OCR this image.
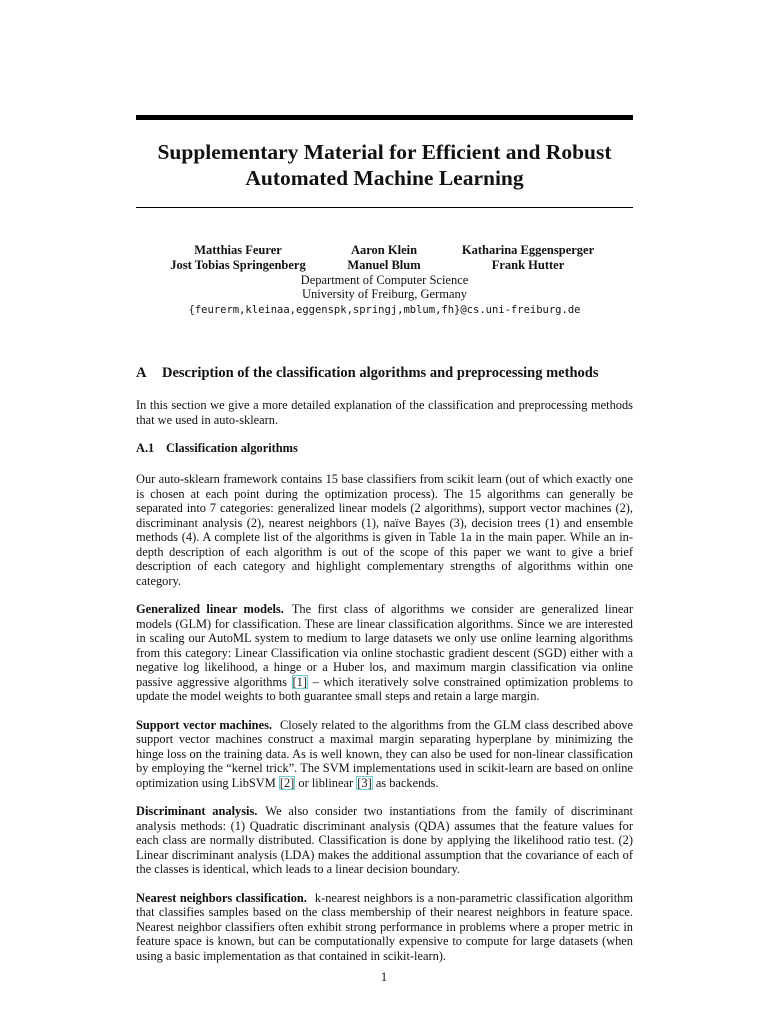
Supplementary Material for Efficient and Robust
Automated Machine Learning
Matthias Feurer	Aaron Klein	Katharina Eggensperger
Jost Tobias Springenberg	Manuel Blum	Frank Hutter
Department of Computer Science
University of Freiburg, Germany
{feurerm,kleinaa,eggenspk,springj,mblum,fh}@cs.uni-freiburg.de
A Description of the classification algorithms and preprocessing methods

In this section we give a more detailed explanation of the classification and preprocessing methods that we used in auto-sklearn.

A.1 Classification algorithms

Our auto-sklearn framework contains 15 base classifiers from scikit learn (out of which exactly one is chosen at each point during the optimization process). The 15 algorithms can generally be separated into 7 categories: generalized linear models (2 algorithms), support vector machines (2), discriminant analysis (2), nearest neighbors (1), naïve Bayes (3), decision trees (1) and ensemble methods (4). A complete list of the algorithms is given in Table 1a in the main paper. While an in-depth description of each algorithm is out of the scope of this paper we want to give a brief description of each category and highlight complementary strengths of algorithms within one category.

Generalized linear models. The first class of algorithms we consider are generalized linear models (GLM) for classification. These are linear classification algorithms. Since we are interested in scaling our AutoML system to medium to large datasets we only use online learning algorithms from this category: Linear Classification via online stochastic gradient descent (SGD) either with a negative log likelihood, a hinge or a Huber los, and maximum margin classification via online passive aggressive algorithms [1] – which iteratively solve constrained optimization problems to update the model weights to both guarantee small steps and retain a large margin.

Support vector machines. Closely related to the algorithms from the GLM class described above support vector machines construct a maximal margin separating hyperplane by minimizing the hinge loss on the training data. As is well known, they can also be used for non-linear classification by employing the “kernel trick”. The SVM implementations used in scikit-learn are based on online optimization using LibSVM [2] or liblinear [3] as backends.

Discriminant analysis. We also consider two instantiations from the family of discriminant analysis methods: (1) Quadratic discriminant analysis (QDA) assumes that the feature values for each class are normally distributed. Classification is done by applying the likelihood ratio test. (2) Linear discriminant analysis (LDA) makes the additional assumption that the covariance of each of the classes is identical, which leads to a linear decision boundary.

Nearest neighbors classification. k-nearest neighbors is a non-parametric classification algorithm that classifies samples based on the class membership of their nearest neighbors in feature space. Nearest neighbor classifiers often exhibit strong performance in problems where a proper metric in feature space is known, but can be computationally expensive to compute for large datasets (when using a basic implementation as that contained in scikit-learn).

1
